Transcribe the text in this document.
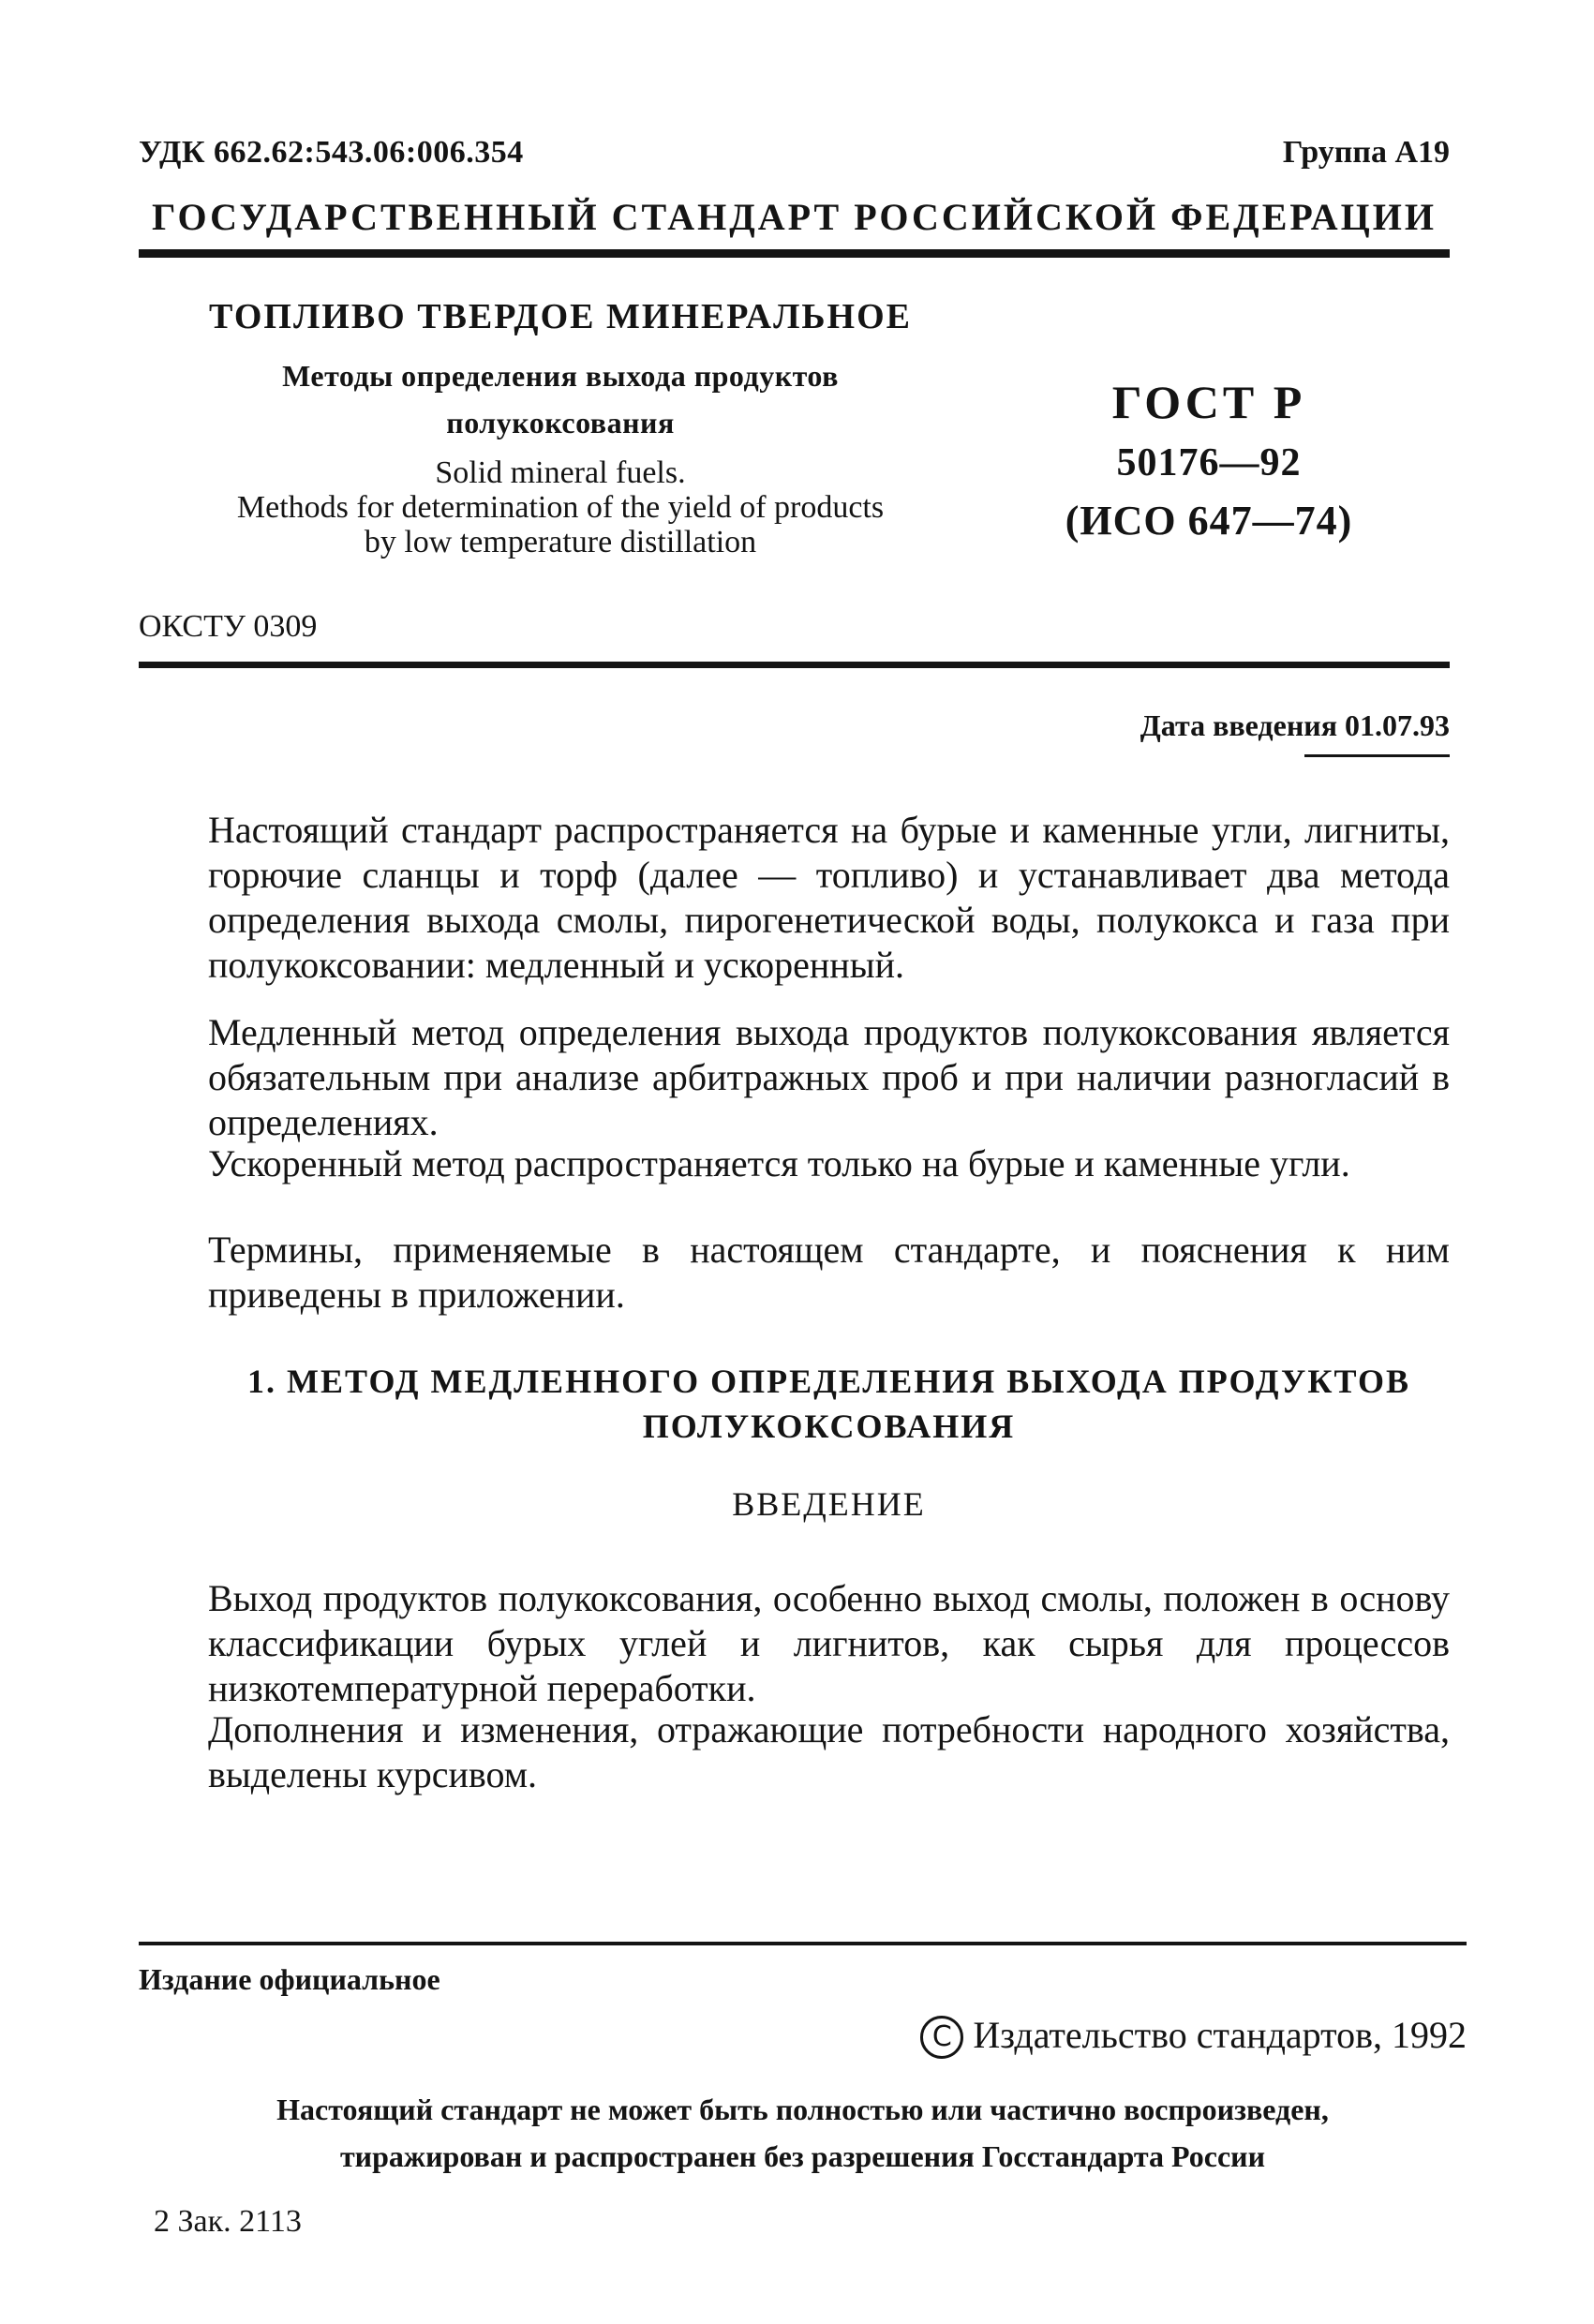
УДК 662.62:543.06:006.354	Группа А19
ГОСУДАРСТВЕННЫЙ СТАНДАРТ РОССИЙСКОЙ ФЕДЕРАЦИИ
ТОПЛИВО ТВЕРДОЕ МИНЕРАЛЬНОЕ
Методы определения выхода продуктов
полукоксования
Solid mineral fuels.
Methods for determination of the yield of products
by low temperature distillation
ГОСТ Р
50176—92
(ИСО 647—74)
ОКСТУ 0309
Дата введения 01.07.93

Настоящий стандарт распространяется на бурые и каменные угли, лигниты, горючие сланцы и торф (далее — топливо) и устанавливает два метода определения выхода смолы, пирогенетической воды, полукокса и газа при полукоксовании: медленный и ускоренный.

Медленный метод определения выхода продуктов полукоксования является обязательным при анализе арбитражных проб и при наличии разногласий в определениях.

Ускоренный метод распространяется только на бурые и каменные угли.

Термины, применяемые в настоящем стандарте, и пояснения к ним приведены в приложении.

1. МЕТОД МЕДЛЕННОГО ОПРЕДЕЛЕНИЯ ВЫХОДА ПРОДУКТОВ
ПОЛУКОКСОВАНИЯ
ВВЕДЕНИЕ

Выход продуктов полукоксования, особенно выход смолы, положен в основу классификации бурых углей и лигнитов, как сырья для процессов низкотемпературной переработки.

Дополнения и изменения, отражающие потребности народного хозяйства, выделены курсивом.

Издание официальное
C Издательство стандартов, 1992
Настоящий стандарт не может быть полностью или частично воспроизведен,
тиражирован и распространен без разрешения Госстандарта России
2 Зак. 2113
